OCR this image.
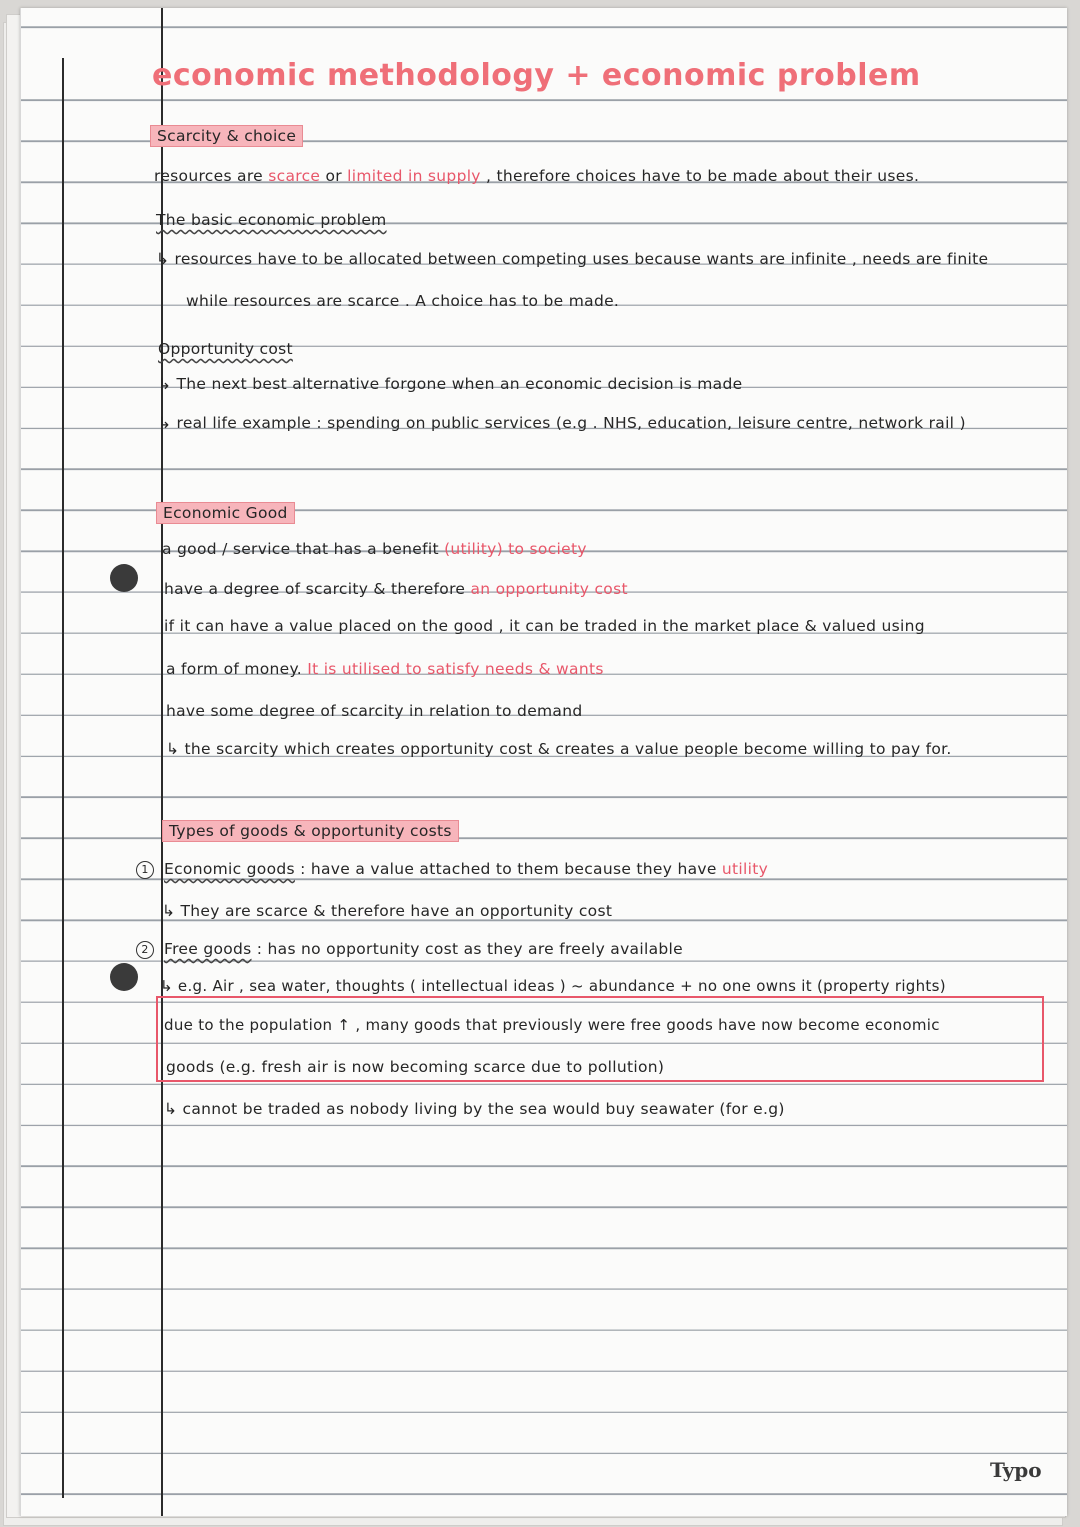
economic methodology + economic problem
Scarcity & choice
resources are scarce or limited in supply , therefore choices have to be made about their uses.
The basic economic problem
↳ resources have to be allocated between competing uses because wants are infinite , needs are finite
while resources are scarce . A choice has to be made.
Opportunity cost
↳ The next best alternative forgone when an economic decision is made
↳ real life example : spending on public services (e.g . NHS, education, leisure centre, network rail )
Economic Good
a good / service that has a benefit (utility) to society
have a degree of scarcity & therefore an opportunity cost
if it can have a value placed on the good , it can be traded in the market place & valued using
a form of money. It is utilised to satisfy needs & wants
have some degree of scarcity in relation to demand
↳ the scarcity which creates opportunity cost & creates a value people become willing to pay for.
Types of goods & opportunity costs
1 Economic goods : have a value attached to them because they have utility
↳ They are scarce & therefore have an opportunity cost
2 Free goods : has no opportunity cost as they are freely available
↳ e.g. Air , sea water, thoughts ( intellectual ideas ) ~ abundance + no one owns it (property rights)
due to the population ↑ , many goods that previously were free goods have now become economic
goods (e.g. fresh air is now becoming scarce due to pollution)
↳ cannot be traded as nobody living by the sea would buy seawater (for e.g)
Typo
